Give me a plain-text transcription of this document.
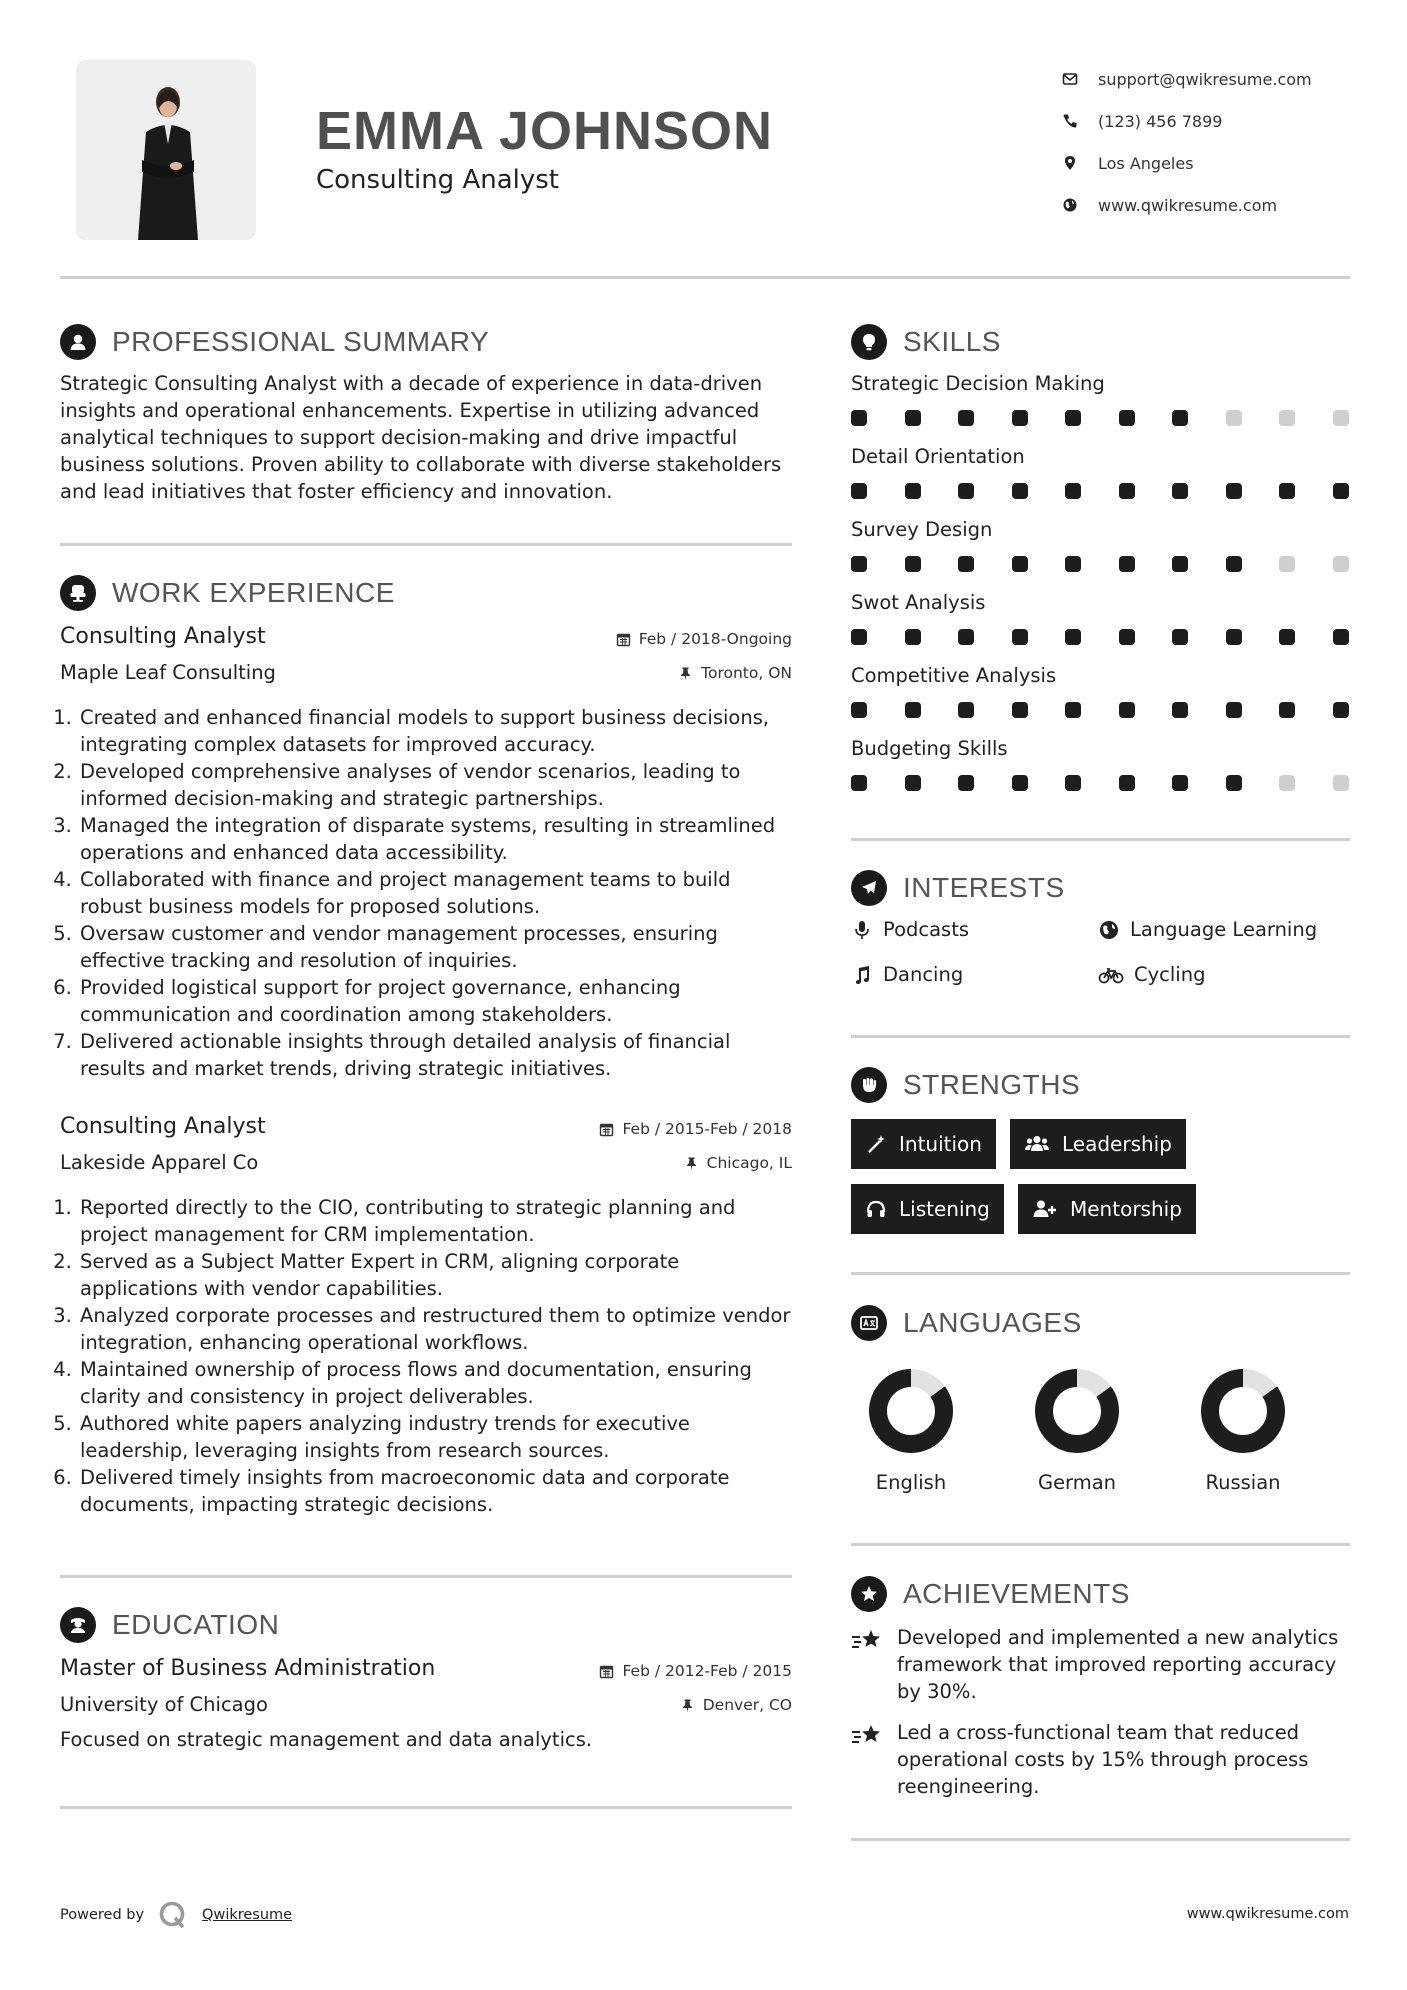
EMMA JOHNSON
Consulting Analyst
support@qwikresume.com
(123) 456 7899
Los Angeles
www.qwikresume.com
PROFESSIONAL SUMMARY
Strategic Consulting Analyst with a decade of experience in data-driven insights and operational enhancements. Expertise in utilizing advanced analytical techniques to support decision-making and drive impactful business solutions. Proven ability to collaborate with diverse stakeholders and lead initiatives that foster efficiency and innovation.
WORK EXPERIENCE
Consulting Analyst	Feb / 2018-Ongoing
Maple Leaf Consulting	Toronto, ON
1. Created and enhanced financial models to support business decisions, integrating complex datasets for improved accuracy.
2. Developed comprehensive analyses of vendor scenarios, leading to informed decision-making and strategic partnerships.
3. Managed the integration of disparate systems, resulting in streamlined operations and enhanced data accessibility.
4. Collaborated with finance and project management teams to build robust business models for proposed solutions.
5. Oversaw customer and vendor management processes, ensuring effective tracking and resolution of inquiries.
6. Provided logistical support for project governance, enhancing communication and coordination among stakeholders.
7. Delivered actionable insights through detailed analysis of financial results and market trends, driving strategic initiatives.
Consulting Analyst	Feb / 2015-Feb / 2018
Lakeside Apparel Co	Chicago, IL
1. Reported directly to the CIO, contributing to strategic planning and project management for CRM implementation.
2. Served as a Subject Matter Expert in CRM, aligning corporate applications with vendor capabilities.
3. Analyzed corporate processes and restructured them to optimize vendor integration, enhancing operational workflows.
4. Maintained ownership of process flows and documentation, ensuring clarity and consistency in project deliverables.
5. Authored white papers analyzing industry trends for executive leadership, leveraging insights from research sources.
6. Delivered timely insights from macroeconomic data and corporate documents, impacting strategic decisions.
EDUCATION
Master of Business Administration	Feb / 2012-Feb / 2015
University of Chicago	Denver, CO
Focused on strategic management and data analytics.
SKILLS
Strategic Decision Making
Detail Orientation
Survey Design
Swot Analysis
Competitive Analysis
Budgeting Skills
INTERESTS
Podcasts	Language Learning
Dancing	Cycling
STRENGTHS
Intuition	Leadership
Listening	Mentorship
LANGUAGES
English	German	Russian
ACHIEVEMENTS

Developed and implemented a new analytics framework that improved reporting accuracy by 30%.

Led a cross-functional team that reduced operational costs by 15% through process reengineering.

Powered by	Qwikresume	www.qwikresume.com
